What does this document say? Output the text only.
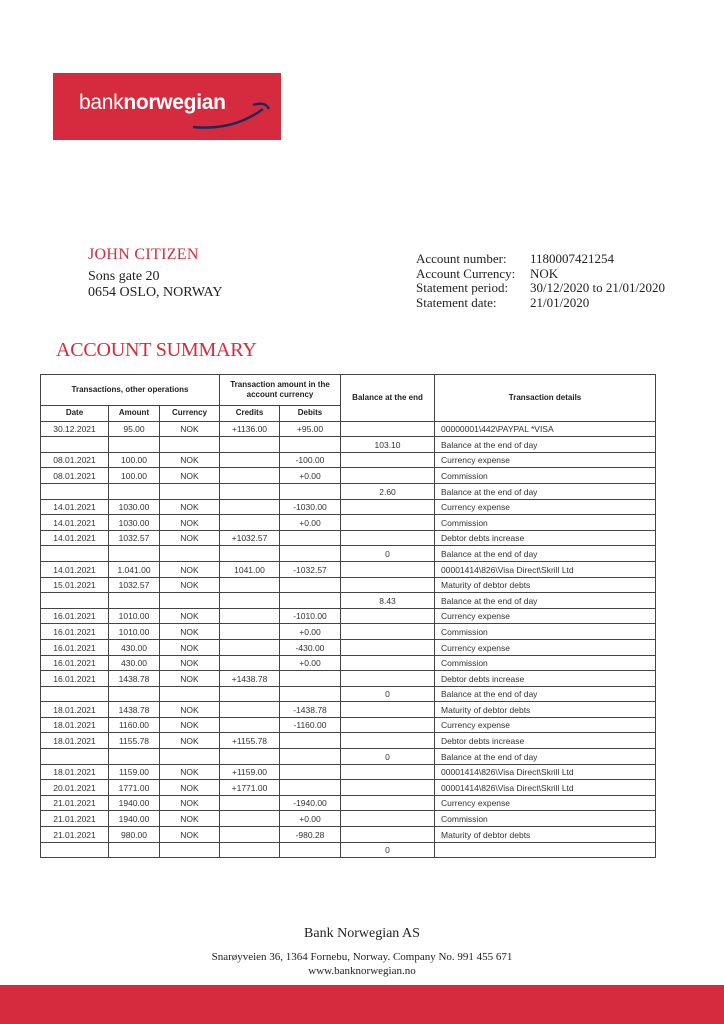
banknorwegian
JOHN CITIZEN
Sons gate 20
0654 OSLO, NORWAY
Account number:	1180007421254
Account Currency:	NOK
Statement period:	30/12/2020 to 21/01/2020
Statement date:	21/01/2020
ACCOUNT SUMMARY
Transactions, other operations			Transaction amount in the account currency		Balance at the end	Transaction details
Date	Amount	Currency	Credits	Debits		
30.12.2021	95.00	NOK	+1136.00	+95.00		00000001\442\PAYPAL *VISA
					103.10	Balance at the end of day
08.01.2021	100.00	NOK		-100.00		Currency expense
08.01.2021	100.00	NOK		+0.00		Commission
					2.60	Balance at the end of day
14.01.2021	1030.00	NOK		-1030.00		Currency expense
14.01.2021	1030.00	NOK		+0.00		Commission
14.01.2021	1032.57	NOK	+1032.57			Debtor debts increase
					0	Balance at the end of day
14.01.2021	1.041.00	NOK	1041.00	-1032.57		00001414\826\Visa Direct\Skrill Ltd
15.01.2021	1032.57	NOK				Maturity of debtor debts
					8.43	Balance at the end of day
16.01.2021	1010.00	NOK		-1010.00		Currency expense
16.01.2021	1010.00	NOK		+0.00		Commission
16.01.2021	430.00	NOK		-430.00		Currency expense
16.01.2021	430.00	NOK		+0.00		Commission
16.01.2021	1438.78	NOK	+1438.78			Debtor debts increase
					0	Balance at the end of day
18.01.2021	1438.78	NOK		-1438.78		Maturity of debtor debts
18.01.2021	1160.00	NOK		-1160.00		Currency expense
18.01.2021	1155.78	NOK	+1155.78			Debtor debts increase
					0	Balance at the end of day
18.01.2021	1159.00	NOK	+1159.00			00001414\826\Visa Direct\Skrill Ltd
20.01.2021	1771.00	NOK	+1771.00			00001414\826\Visa Direct\Skrill Ltd
21.01.2021	1940.00	NOK		-1940.00		Currency expense
21.01.2021	1940.00	NOK		+0.00		Commission
21.01.2021	980.00	NOK		-980.28		Maturity of debtor debts
					0	
Bank Norwegian AS
Snarøyveien 36, 1364 Fornebu, Norway. Company No. 991 455 671
www.banknorwegian.no
